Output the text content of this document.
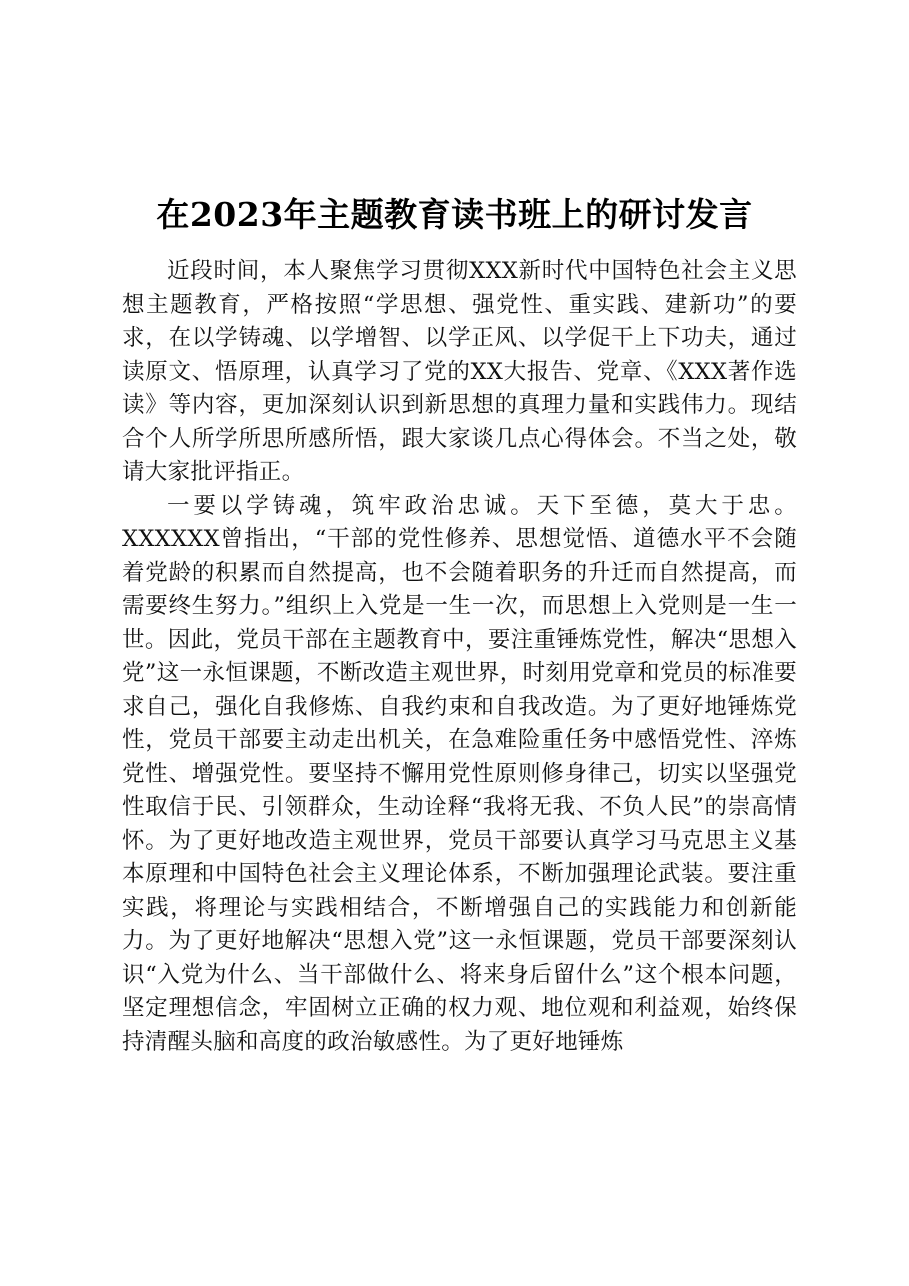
在2023年主题教育读书班上的研讨发言

近段时间，本人聚焦学习贯彻XXX新时代中国特色社会主义思想主题教育，严格按照“学思想、强党性、重实践、建新功”的要求，在以学铸魂、以学增智、以学正风、以学促干上下功夫，通过读原文、悟原理，认真学习了党的XX大报告、党章、《XXX著作选读》等内容，更加深刻认识到新思想的真理力量和实践伟力。现结合个人所学所思所感所悟，跟大家谈几点心得体会。不当之处，敬请大家批评指正。

一要以学铸魂，筑牢政治忠诚。天下至德，莫大于忠。XXXXXX曾指出，“干部的党性修养、思想觉悟、道德水平不会随着党龄的积累而自然提高，也不会随着职务的升迁而自然提高，而需要终生努力。”组织上入党是一生一次，而思想上入党则是一生一世。因此，党员干部在主题教育中，要注重锤炼党性，解决“思想入党”这一永恒课题，不断改造主观世界，时刻用党章和党员的标准要求自己，强化自我修炼、自我约束和自我改造。为了更好地锤炼党性，党员干部要主动走出机关，在急难险重任务中感悟党性、淬炼党性、增强党性。要坚持不懈用党性原则修身律己，切实以坚强党性取信于民、引领群众，生动诠释“我将无我、不负人民”的崇高情怀。为了更好地改造主观世界，党员干部要认真学习马克思主义基本原理和中国特色社会主义理论体系，不断加强理论武装。要注重实践，将理论与实践相结合，不断增强自己的实践能力和创新能力。为了更好地解决“思想入党”这一永恒课题，党员干部要深刻认识“入党为什么、当干部做什么、将来身后留什么”这个根本问题，坚定理想信念，牢固树立正确的权力观、地位观和利益观，始终保持清醒头脑和高度的政治敏感性。为了更好地锤炼
